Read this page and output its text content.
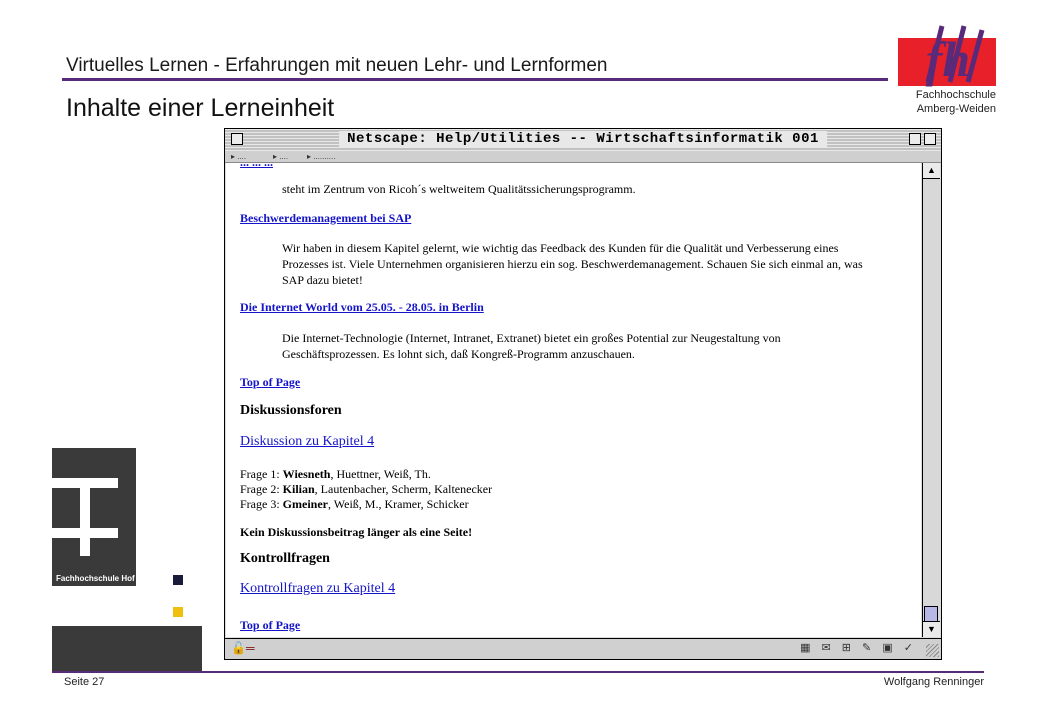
Virtuelles Lernen - Erfahrungen mit neuen Lehr- und Lernformen
Inhalte einer Lerneinheit
fh
Fachhochschule
Amberg-Weiden
Fachhochschule Hof
Netscape: Help/Utilities -- Wirtschaftsinformatik 001
▸ ....	▸ .... ▸ ..........
... ... ...
steht im Zentrum von Ricoh´s weltweitem Qualitätssicherungsprogramm.
Beschwerdemanagement bei SAP
Wir haben in diesem Kapitel gelernt, wie wichtig das Feedback des Kunden für die Qualität und Verbesserung eines Prozesses ist. Viele Unternehmen organisieren hierzu ein sog. Beschwerdemanagement. Schauen Sie sich einmal an, was SAP dazu bietet!
Die Internet World vom 25.05. - 28.05. in Berlin
Die Internet-Technologie (Internet, Intranet, Extranet) bietet ein großes Potential zur Neugestaltung von Geschäftsprozessen. Es lohnt sich, daß Kongreß-Programm anzuschauen.
Top of Page
Diskussionsforen
Diskussion zu Kapitel 4
Frage 1: Wiesneth, Huettner, Weiß, Th.
Frage 2: Kilian, Lautenbacher, Scherm, Kaltenecker
Frage 3: Gmeiner, Weiß, M., Kramer, Schicker
Kein Diskussionsbeitrag länger als eine Seite!
Kontrollfragen
Kontrollfragen zu Kapitel 4
Top of Page
▲
▼
🔓═	▦ ✉ ⊞ ✎ ▣ ✓
Seite 27	Wolfgang Renninger
